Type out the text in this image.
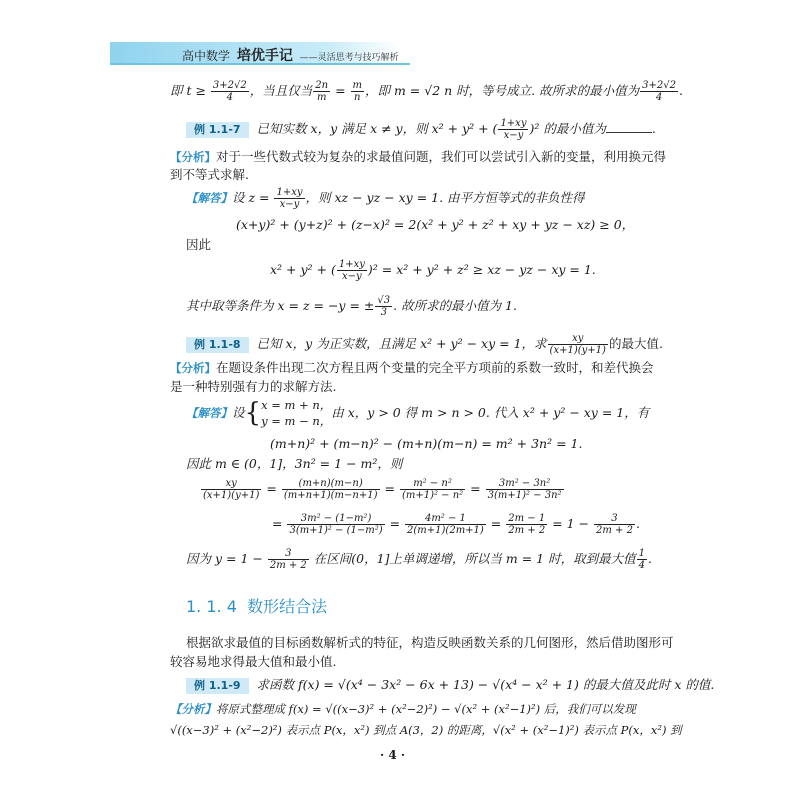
高中数学 培优手记 ——灵活思考与技巧解析
即 $t \ge \frac{3+2√2}{4}$ ，当且仅当 $\frac{2n}{m} = \frac{m}{n}$ ，即 m = √2 n 时，等号成立. 故所求的最小值为 $\frac{3+2√2}{4}$ .
例 1.1-7 已知实数 x，y 满足 x ≠ y，则 x² + y² + ( $\frac{1+xy}{x-y} )^2$ 的最小值为	.
【分析】对于一些代数式较为复杂的求最值问题，我们可以尝试引入新的变量，利用换元得
到不等式求解.
【解答】设 $z = \frac{1+xy}{x-y}$ ，则 xz − yz − xy = 1. 由平方恒等式的非负性得
(x+y)² + (y+z)² + (z−x)² = 2(x² + y² + z² + xy + yz − xz) ≥ 0，
因此
x² + y² + ( $\frac{1+xy}{x-y} )^2 = x^2 + y^2 + z^2$ ≥ xz − yz − xy = 1.
其中取等条件为 x = z = −y = ± $\frac{√3}{3}$ . 故所求的最小值为 1.
例 1.1-8 已知 x，y 为正实数，且满足 x² + y² − xy = 1，求 $\frac{xy}{(x+1)(y+1)}$ 的最大值.
【分析】在题设条件出现二次方程且两个变量的完全平方项前的系数一致时，和差代换会
是一种特别强有力的求解方法.
【解答】设{ x = m + n，
y = m − n，
由 x，y > 0 得 m > n > 0. 代入 x² + y² − xy = 1，有
(m+n)² + (m−n)² − (m+n)(m−n) = m² + 3n² = 1.
因此 m ∈ (0，1]，3n² = 1 − m²，则
$\frac{xy}{(x+1)(y+1)} = \frac{(m+n)(m-n)}{(m+n+1)(m-n+1)} = \frac{\text{m² − n²}}{\text{(m+1)² − n²}} = \frac{\text{3m² − 3n²}}{\text{3(m+1)² − 3n²}}$
= $\frac{\text{3m² − (1−m²)}}{\text{3(m+1)² − (1−m²)}} = \frac{\text{4m² − 1}}{2(m+1)(2m+1)} = \frac{2m - 1}{2m + 2} = 1 - \frac{3}{2m + 2}$ .
因为 $y = 1 - \frac{3}{2m + 2}$ 在区间(0，1]上单调递增，所以当 m = 1 时，取到最大值 $\frac{1}{4}$ .
1. 1. 4 数形结合法
根据欲求最值的目标函数解析式的特征，构造反映函数关系的几何图形，然后借助图形可
较容易地求得最大值和最小值.
例 1.1-9 求函数 f(x) = √(x⁴ − 3x² − 6x + 13) − √(x⁴ − x² + 1) 的最大值及此时 x 的值.
【分析】将原式整理成 f(x) = √((x−3)² + (x²−2)²) − √(x² + (x²−1)²) 后，我们可以发现
√((x−3)² + (x²−2)²) 表示点 P(x，x²) 到点 A(3，2) 的距离，√(x² + (x²−1)²) 表示点 P(x，x²) 到
· 4 ·
